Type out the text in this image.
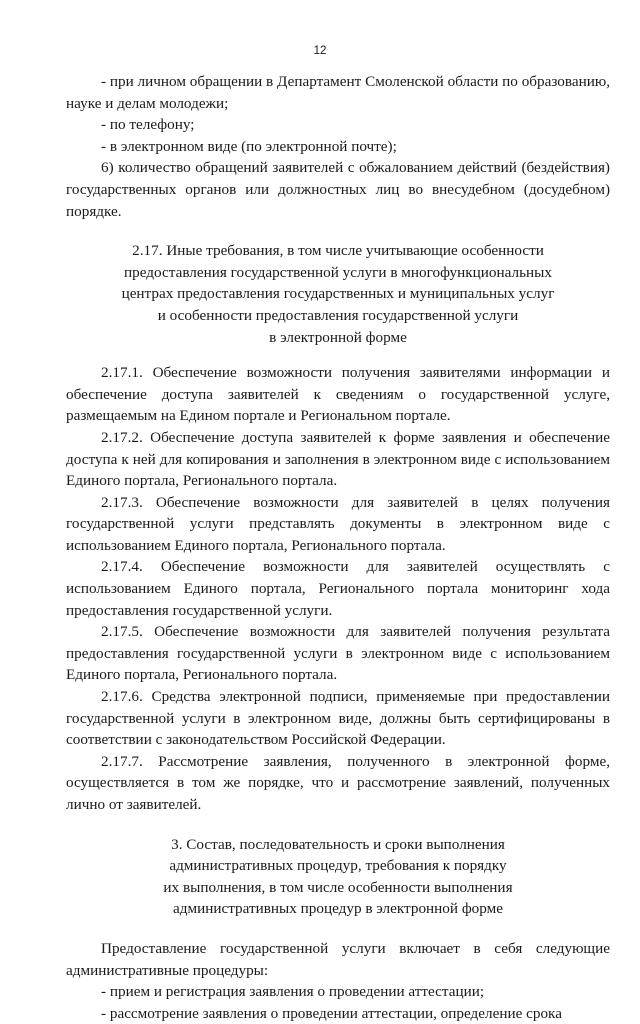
12

- при личном обращении в Департамент Смоленской области по образованию, науке и делам молодежи;

- по телефону;

- в электронном виде (по электронной почте);

6) количество обращений заявителей с обжалованием действий (бездействия) государственных органов или должностных лиц во внесудебном (досудебном) порядке.

2.17. Иные требования, в том числе учитывающие особенности

предоставления государственной услуги в многофункциональных

центрах предоставления государственных и муниципальных услуг

и особенности предоставления государственной услуги

в электронной форме

2.17.1. Обеспечение возможности получения заявителями информации и обеспечение доступа заявителей к сведениям о государственной услуге, размещаемым на Едином портале и Региональном портале.

2.17.2. Обеспечение доступа заявителей к форме заявления и обеспечение доступа к ней для копирования и заполнения в электронном виде с использованием Единого портала, Регионального портала.

2.17.3. Обеспечение возможности для заявителей в целях получения государственной услуги представлять документы в электронном виде с использованием Единого портала, Регионального портала.

2.17.4. Обеспечение возможности для заявителей осуществлять с использованием Единого портала, Регионального портала мониторинг хода предоставления государственной услуги.

2.17.5. Обеспечение возможности для заявителей получения результата предоставления государственной услуги в электронном виде с использованием Единого портала, Регионального портала.

2.17.6. Средства электронной подписи, применяемые при предоставлении государственной услуги в электронном виде, должны быть сертифицированы в соответствии с законодательством Российской Федерации.

2.17.7. Рассмотрение заявления, полученного в электронной форме, осуществляется в том же порядке, что и рассмотрение заявлений, полученных лично от заявителей.

3. Состав, последовательность и сроки выполнения

административных процедур, требования к порядку

их выполнения, в том числе особенности выполнения

административных процедур в электронной форме

Предоставление государственной услуги включает в себя следующие административные процедуры:

- прием и регистрация заявления о проведении аттестации;

- рассмотрение заявления о проведении аттестации, определение срока
